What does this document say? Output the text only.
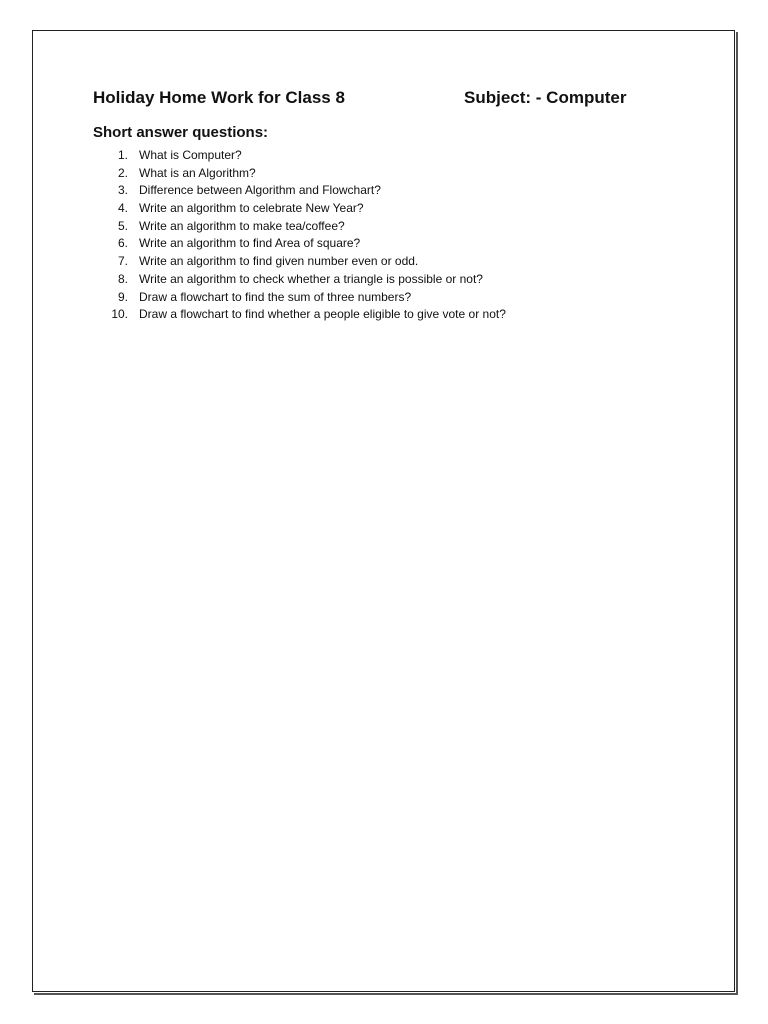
Holiday Home Work for Class 8	Subject: - Computer
Short answer questions:
1. What is Computer?
2. What is an Algorithm?
3. Difference between Algorithm and Flowchart?
4. Write an algorithm to celebrate New Year?
5. Write an algorithm to make tea/coffee?
6. Write an algorithm to find Area of square?
7. Write an algorithm to find given number even or odd.
8. Write an algorithm to check whether a triangle is possible or not?
9. Draw a flowchart to find the sum of three numbers?
10. Draw a flowchart to find whether a people eligible to give vote or not?
